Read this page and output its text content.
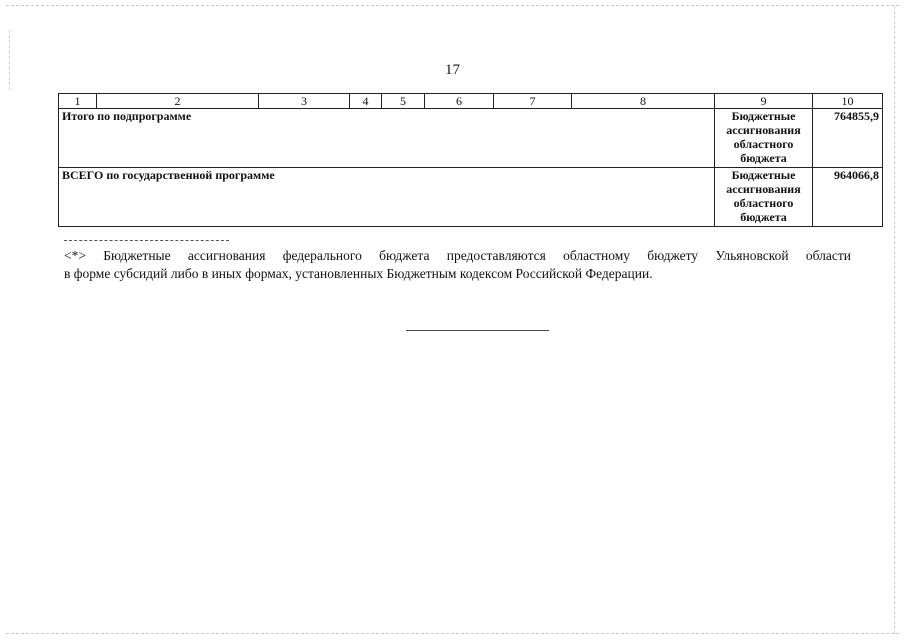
17
1	2	3	4	5	6	7	8	9	10
Итого по подпрограмме								Бюджетные ассигнования областного бюджета	764855,9
ВСЕГО по государственной программе								Бюджетные ассигнования областного бюджета	964066,8
<*> Бюджетные ассигнования федерального бюджета предоставляются областному бюджету Ульяновской области
в форме субсидий либо в иных формах, установленных Бюджетным кодексом Российской Федерации.
